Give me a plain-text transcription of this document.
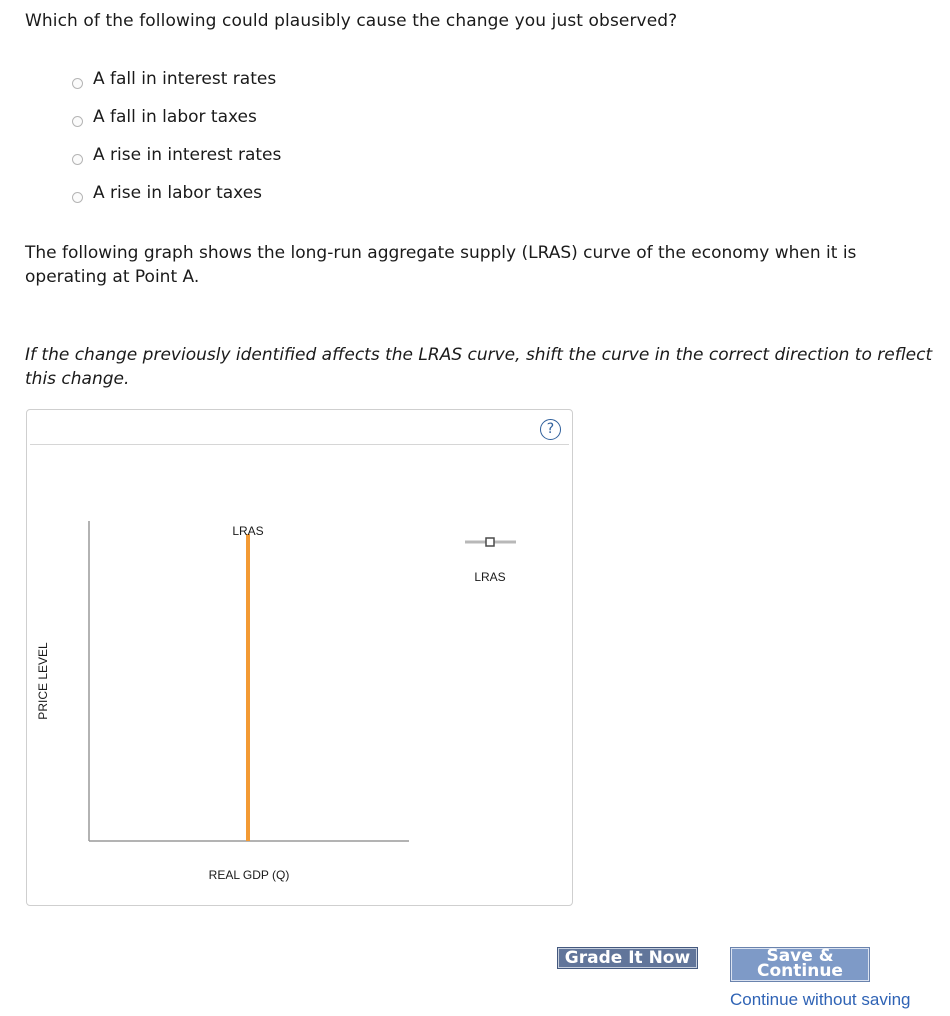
Which of the following could plausibly cause the change you just observed?
A fall in interest rates
A fall in labor taxes
A rise in interest rates
A rise in labor taxes
The following graph shows the long-run aggregate supply (LRAS) curve of the economy when it is operating at Point A.
If the change previously identified affects the LRAS curve, shift the curve in the correct direction to reflect this change.
?
LRAS
REAL GDP (Q)
PRICE LEVEL
LRAS
Grade It Now	Save & Continue
Continue without saving
